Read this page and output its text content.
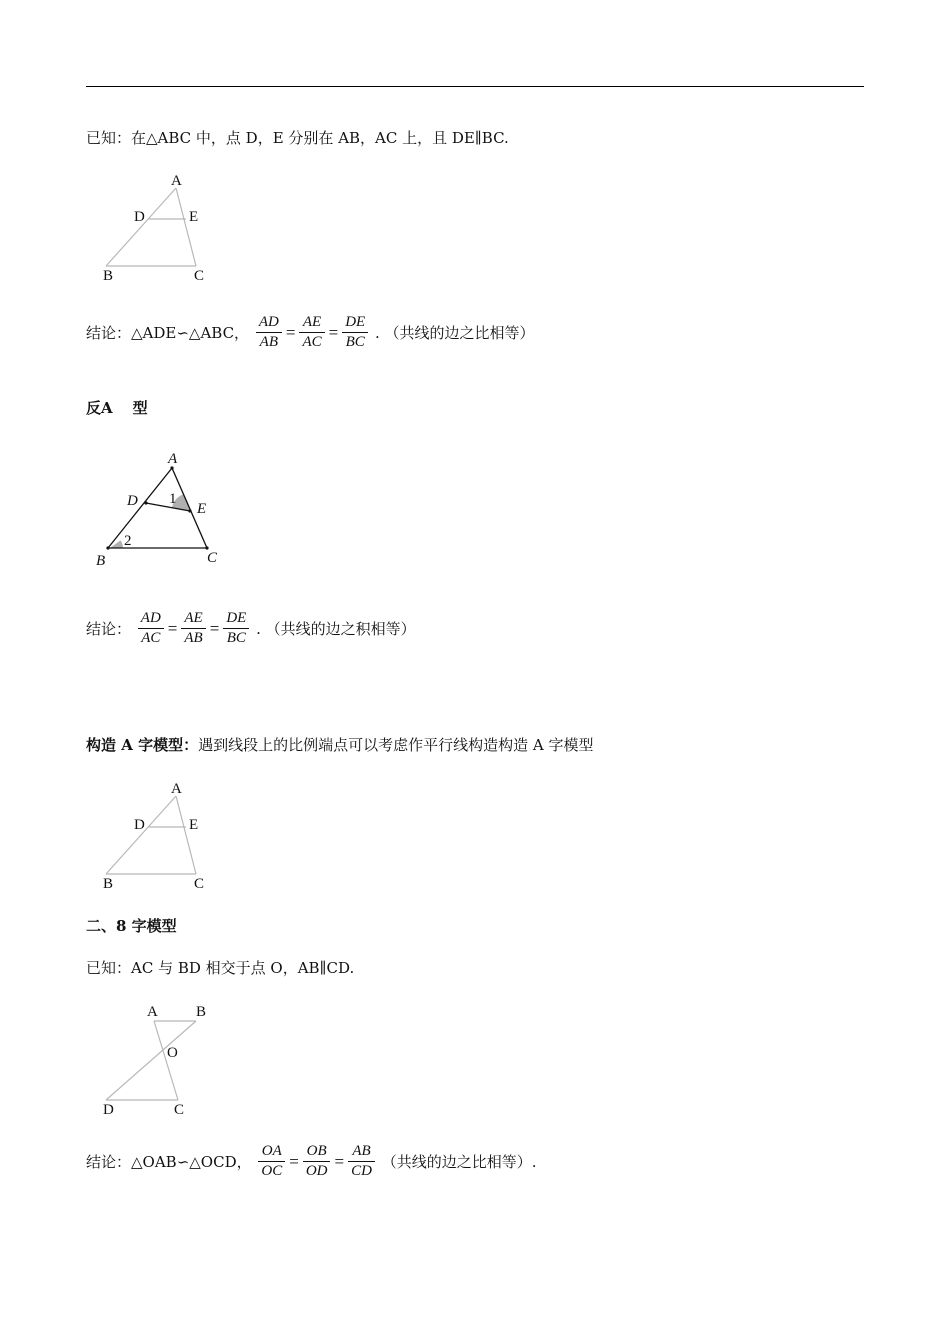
已知：在△ABC 中，点 D，E 分别在 AB，AC 上，且 DE∥BC.
A
D	E
B	C
结论：△ADE∽△ABC， $\frac{AD}{AB} = \frac{AE}{AC} = \frac{DE}{BC}$ . （共线的边之比相等）
反A 型
A
D 1
E
2
B	C
结论： $\frac{AD}{AC} = \frac{AE}{AB} = \frac{DE}{BC}$ . （共线的边之积相等）
构造 A 字模型：遇到线段上的比例端点可以考虑作平行线构造构造 A 字模型
A
D	E
B	C
二、8 字模型
已知：AC 与 BD 相交于点 O，AB∥CD.
A	B
O
D	C
结论：△OAB∽△OCD， $\frac{OA}{OC} = \frac{OB}{OD} = \frac{AB}{CD}$ （共线的边之比相等）.
